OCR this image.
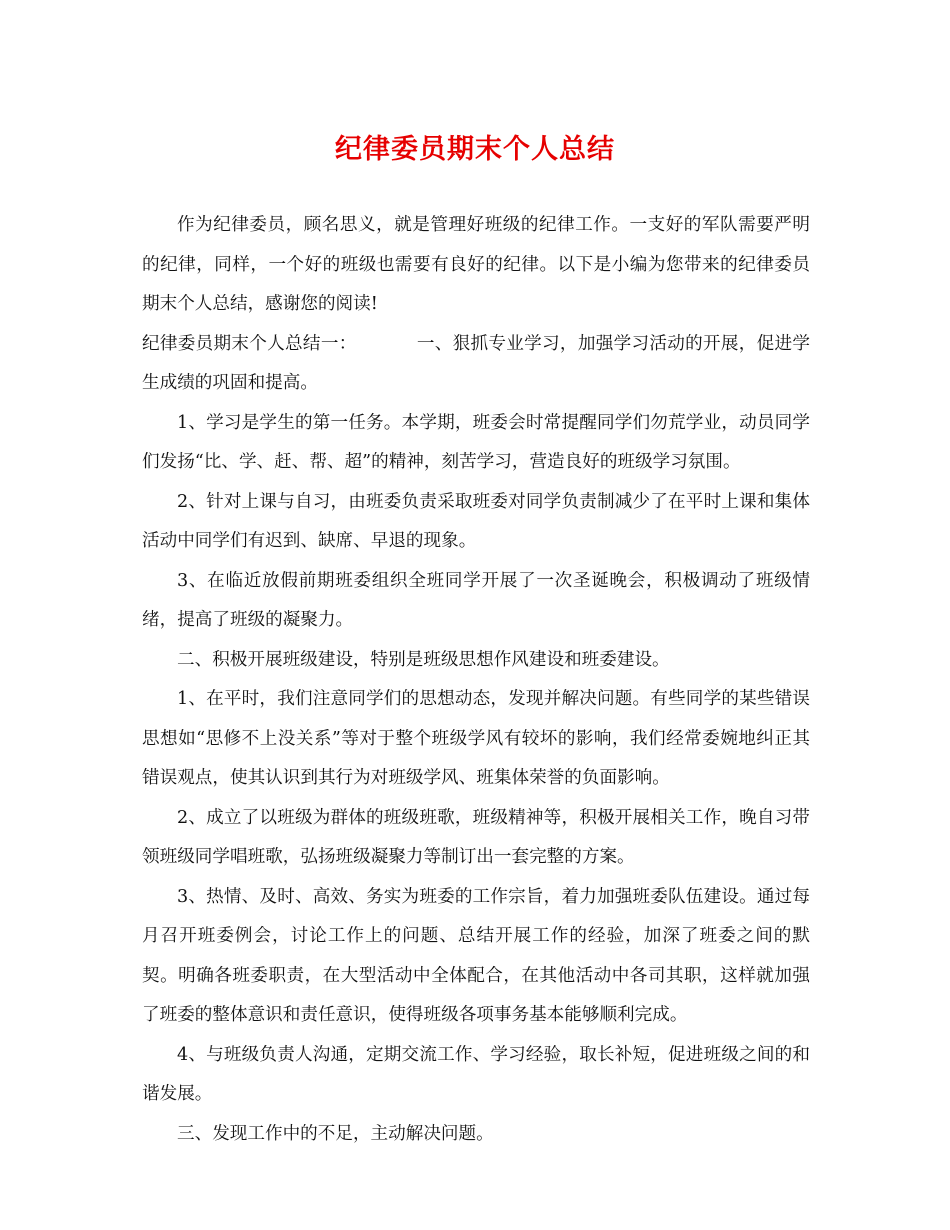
纪律委员期末个人总结

作为纪律委员，顾名思义，就是管理好班级的纪律工作。一支好的军队需要严明的纪律，同样，一个好的班级也需要有良好的纪律。以下是小编为您带来的纪律委员期末个人总结，感谢您的阅读!

纪律委员期末个人总结一：	一、狠抓专业学习，加强学习活动的开展，促进学生成绩的巩固和提高。

1、学习是学生的第一任务。本学期，班委会时常提醒同学们勿荒学业，动员同学们发扬“比、学、赶、帮、超”的精神，刻苦学习，营造良好的班级学习氛围。

2、针对上课与自习，由班委负责采取班委对同学负责制减少了在平时上课和集体活动中同学们有迟到、缺席、早退的现象。

3、在临近放假前期班委组织全班同学开展了一次圣诞晚会，积极调动了班级情绪，提高了班级的凝聚力。

二、积极开展班级建设，特别是班级思想作风建设和班委建设。

1、在平时，我们注意同学们的思想动态，发现并解决问题。有些同学的某些错误思想如“思修不上没关系”等对于整个班级学风有较坏的影响，我们经常委婉地纠正其错误观点，使其认识到其行为对班级学风、班集体荣誉的负面影响。

2、成立了以班级为群体的班级班歌，班级精神等，积极开展相关工作，晚自习带领班级同学唱班歌，弘扬班级凝聚力等制订出一套完整的方案。

3、热情、及时、高效、务实为班委的工作宗旨，着力加强班委队伍建设。通过每月召开班委例会，讨论工作上的问题、总结开展工作的经验，加深了班委之间的默契。明确各班委职责，在大型活动中全体配合，在其他活动中各司其职，这样就加强了班委的整体意识和责任意识，使得班级各项事务基本能够顺利完成。

4、与班级负责人沟通，定期交流工作、学习经验，取长补短，促进班级之间的和谐发展。

三、发现工作中的不足，主动解决问题。
